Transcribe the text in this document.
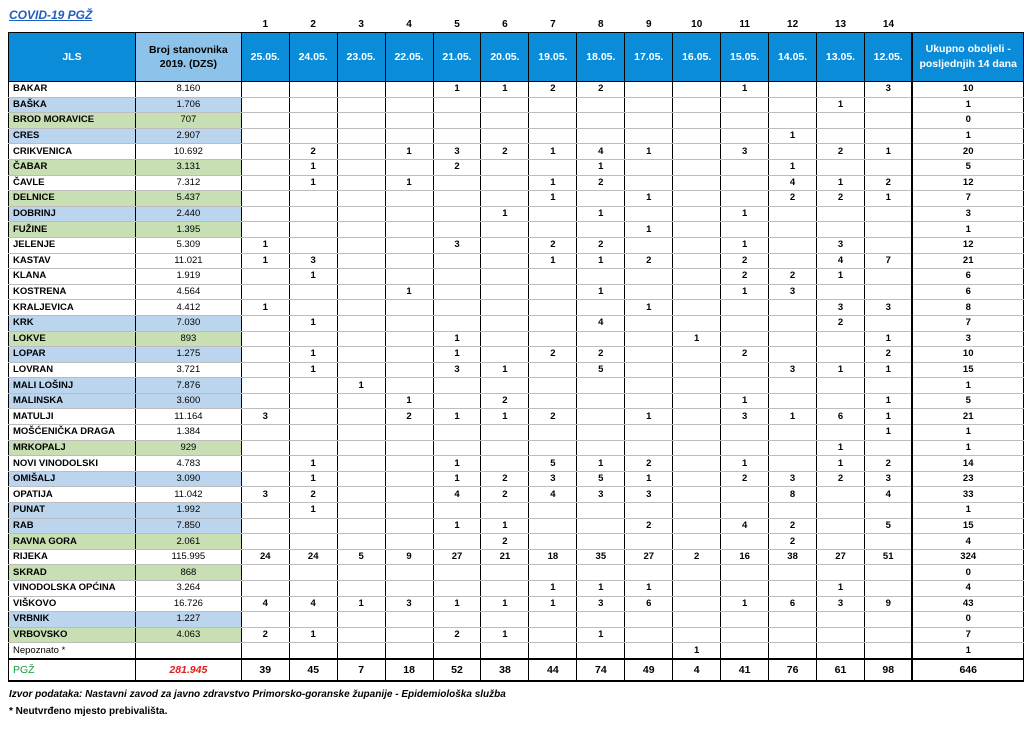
COVID-19 PGŽ
		1	2	3	4	5	6	7	8	9	10	11	12	13	14	
JLS	Broj stanovnika 2019. (DZS)	25.05.	24.05.	23.05.	22.05.	21.05.	20.05.	19.05.	18.05.	17.05.	16.05.	15.05.	14.05.	13.05.	12.05.	Ukupno oboljeli - posljednjih 14 dana
BAKAR	8.160					1	1	2	2			1			3	10
BAŠKA	1.706													1		1
BROD MORAVICE	707															0
CRES	2.907												1			1
CRIKVENICA	10.692		2		1	3	2	1	4	1		3		2	1	20
ČABAR	3.131		1			2			1				1			5
ČAVLE	7.312		1		1			1	2				4	1	2	12
DELNICE	5.437							1		1			2	2	1	7
DOBRINJ	2.440						1		1			1				3
FUŽINE	1.395									1						1
JELENJE	5.309	1				3		2	2			1		3		12
KASTAV	11.021	1	3					1	1	2		2		4	7	21
KLANA	1.919		1									2	2	1		6
KOSTRENA	4.564				1				1			1	3			6
KRALJEVICA	4.412	1								1				3	3	8
KRK	7.030		1						4					2		7
LOKVE	893					1					1				1	3
LOPAR	1.275		1			1		2	2			2			2	10
LOVRAN	3.721		1			3	1		5				3	1	1	15
MALI LOŠINJ	7.876			1												1
MALINSKA	3.600				1		2					1			1	5
MATULJI	11.164	3			2	1	1	2		1		3	1	6	1	21
MOŠĆENIČKA DRAGA	1.384														1	1
MRKOPALJ	929													1		1
NOVI VINODOLSKI	4.783		1			1		5	1	2		1		1	2	14
OMIŠALJ	3.090		1			1	2	3	5	1		2	3	2	3	23
OPATIJA	11.042	3	2			4	2	4	3	3			8		4	33
PUNAT	1.992		1													1
RAB	7.850					1	1			2		4	2		5	15
RAVNA GORA	2.061						2						2			4
RIJEKA	115.995	24	24	5	9	27	21	18	35	27	2	16	38	27	51	324
SKRAD	868															0
VINODOLSKA OPĆINA	3.264							1	1	1				1		4
VIŠKOVO	16.726	4	4	1	3	1	1	1	3	6		1	6	3	9	43
VRBNIK	1.227															0
VRBOVSKO	4.063	2	1			2	1		1							7
Nepoznato *											1					1
PGŽ	281.945	39	45	7	18	52	38	44	74	49	4	41	76	61	98	646
Izvor podataka: Nastavni zavod za javno zdravstvo Primorsko-goranske županije - Epidemiološka služba
* Neutvrđeno mjesto prebivališta.
